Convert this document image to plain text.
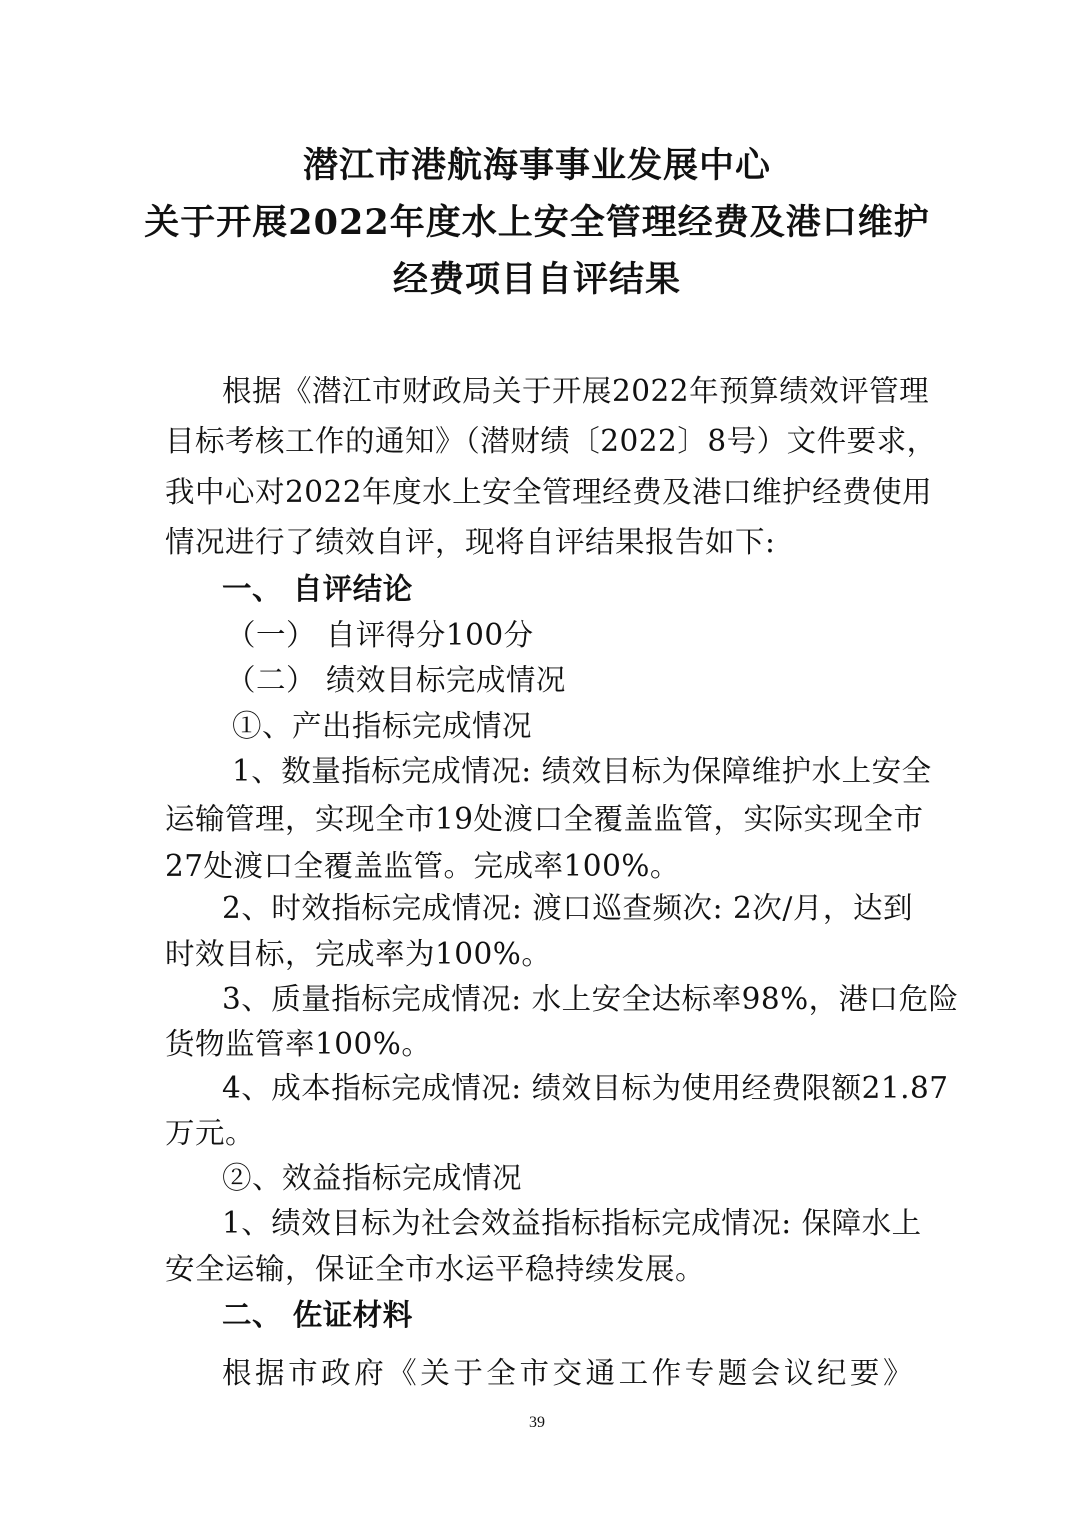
潜江市港航海事事业发展中心
关于开展2022年度水上安全管理经费及港口维护
经费项目自评结果
根据《潜江市财政局关于开展2022年预算绩效评管理
目标考核工作的通知》（潜财绩〔2022〕8号）文件要求，
我中心对2022年度水上安全管理经费及港口维护经费使用
情况进行了绩效自评，现将自评结果报告如下:
一、 自评结论
（一） 自评得分100分
（二） 绩效目标完成情况
①、产出指标完成情况
1、数量指标完成情况: 绩效目标为保障维护水上安全
运输管理，实现全市19处渡口全覆盖监管，实际实现全市
27处渡口全覆盖监管。完成率100%。
2、时效指标完成情况: 渡口巡查频次: 2次/月，达到
时效目标，完成率为100%。
3、质量指标完成情况: 水上安全达标率98%，港口危险
货物监管率100%。
4、成本指标完成情况: 绩效目标为使用经费限额21.87
万元。
②、效益指标完成情况
1、绩效目标为社会效益指标指标完成情况: 保障水上
安全运输，保证全市水运平稳持续发展。
二、 佐证材料
根据市政府《关于全市交通工作专题会议纪要》
39
